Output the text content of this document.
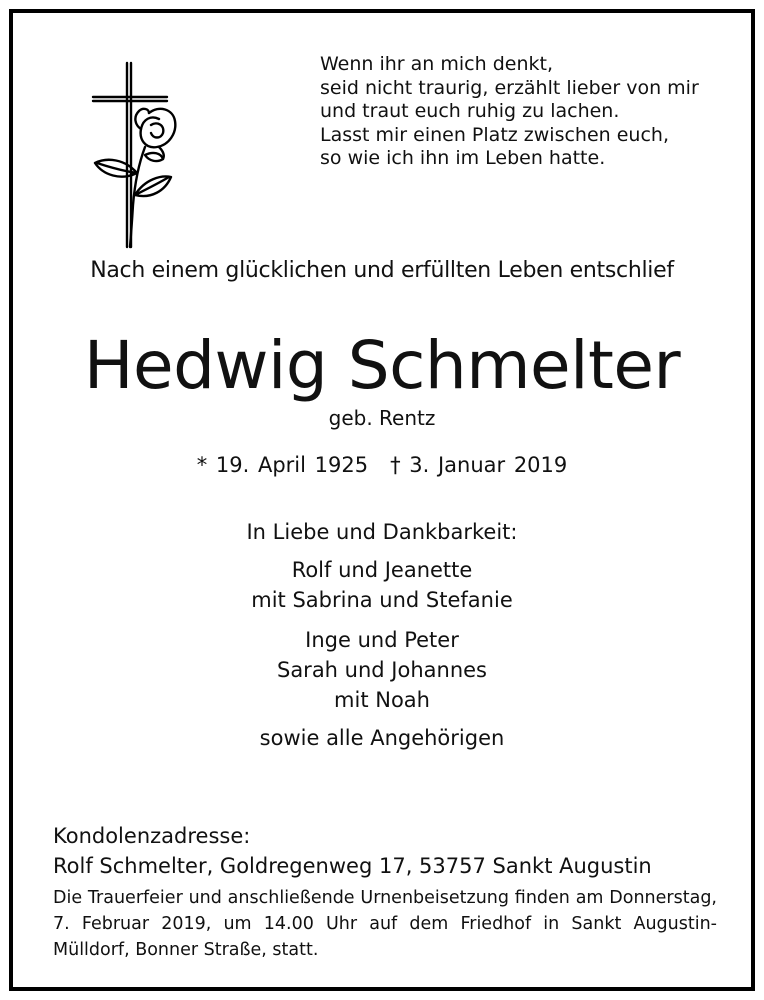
Wenn ihr an mich denkt,
seid nicht traurig, erzählt lieber von mir
und traut euch ruhig zu lachen.
Lasst mir einen Platz zwischen euch,
so wie ich ihn im Leben hatte.
Nach einem glücklichen und erfüllten Leben entschlief
Hedwig Schmelter
geb. Rentz
* 19. April 1925 † 3. Januar 2019
In Liebe und Dankbarkeit:
Rolf und Jeanette
mit Sabrina und Stefanie
Inge und Peter
Sarah und Johannes
mit Noah
sowie alle Angehörigen
Kondolenzadresse:
Rolf Schmelter, Goldregenweg 17, 53757 Sankt Augustin
Die Trauerfeier und anschließende Urnenbeisetzung finden am Donnerstag, 7. Februar 2019, um 14.00 Uhr auf dem Friedhof in Sankt Augustin-Mülldorf, Bonner Straße, statt.
